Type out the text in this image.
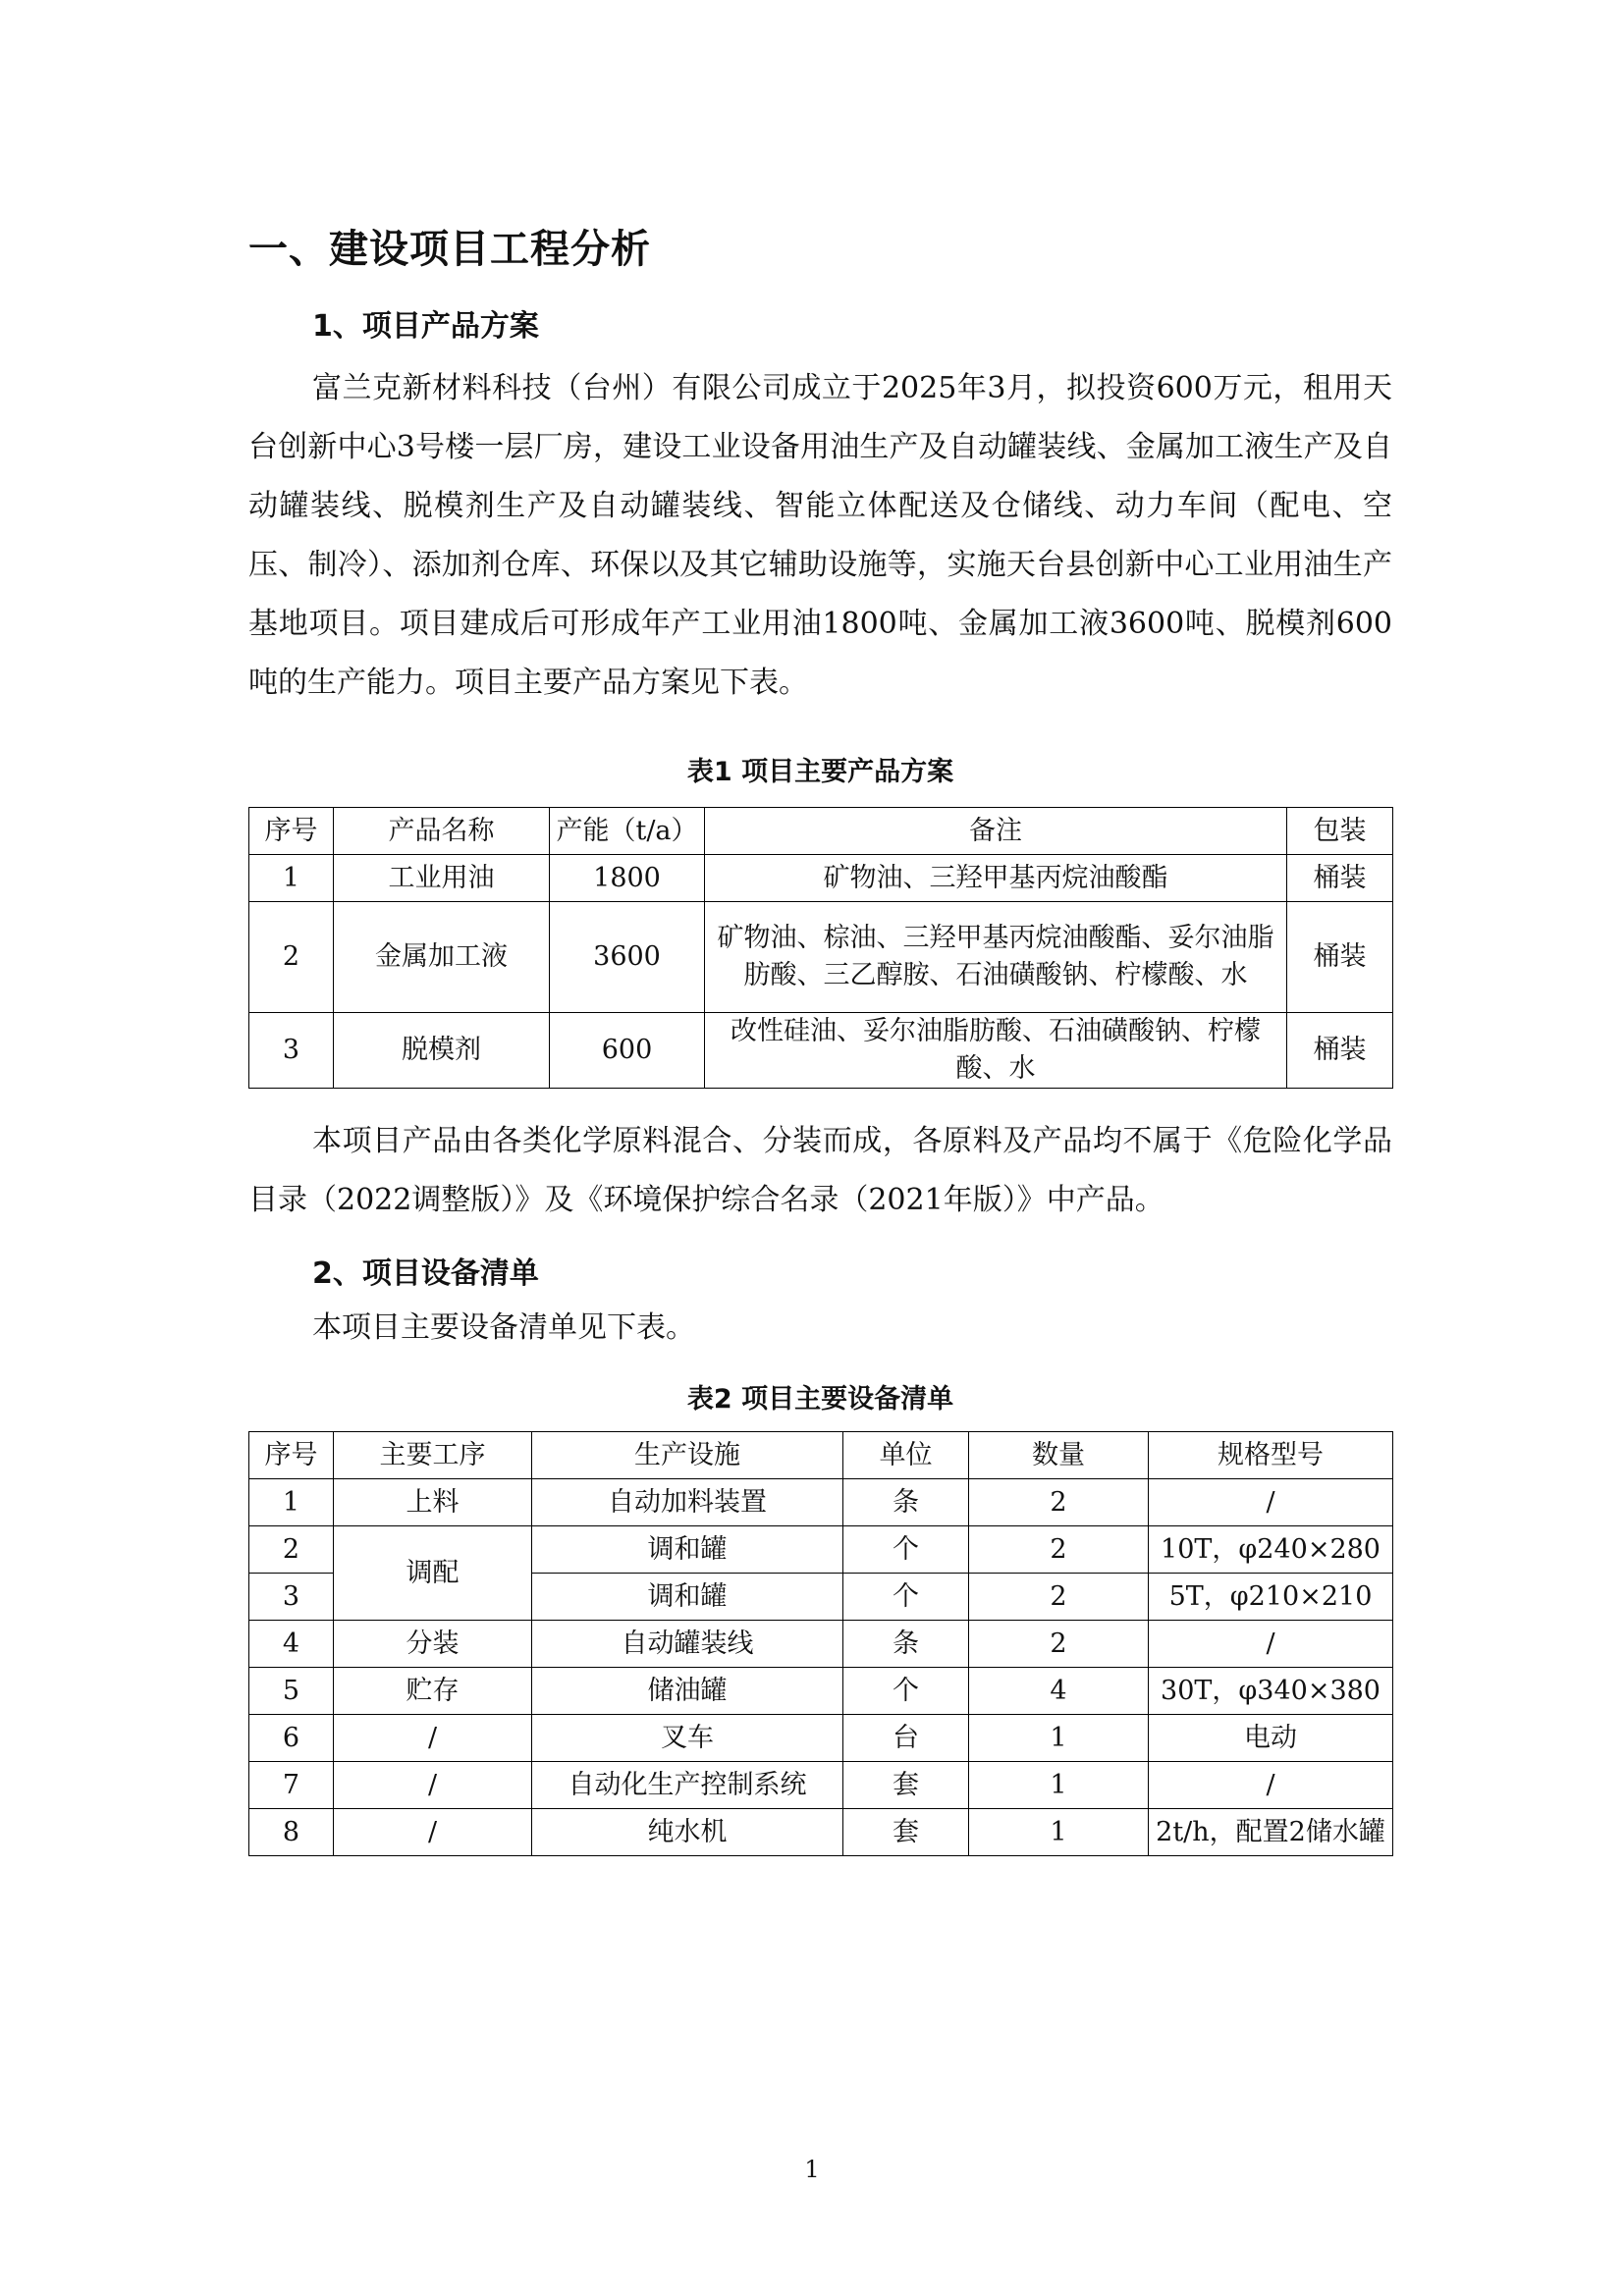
一、建设项目工程分析
1、项目产品方案

富兰克新材料科技（台州）有限公司成立于2025年3月，拟投资600万元，租用天台创新中心3号楼一层厂房，建设工业设备用油生产及自动罐装线、金属加工液生产及自动罐装线、脱模剂生产及自动罐装线、智能立体配送及仓储线、动力车间（配电、空压、制冷）、添加剂仓库、环保以及其它辅助设施等，实施天台县创新中心工业用油生产基地项目。项目建成后可形成年产工业用油1800吨、金属加工液3600吨、脱模剂600吨的生产能力。项目主要产品方案见下表。

表1 项目主要产品方案
序号	产品名称	产能（t/a）	备注	包装
1	工业用油	1800	矿物油、三羟甲基丙烷油酸酯	桶装
2	金属加工液	3600	矿物油、棕油、三羟甲基丙烷油酸酯、妥尔油脂肪酸、三乙醇胺、石油磺酸钠、柠檬酸、水	桶装
3	脱模剂	600	改性硅油、妥尔油脂肪酸、石油磺酸钠、柠檬酸、水	桶装

本项目产品由各类化学原料混合、分装而成，各原料及产品均不属于《危险化学品目录（2022调整版）》及《环境保护综合名录（2021年版）》中产品。

2、项目设备清单

本项目主要设备清单见下表。

表2 项目主要设备清单
序号	主要工序	生产设施	单位	数量	规格型号
1	上料	自动加料装置	条	2	/
2	调配	调和罐	个	2	10T，φ240×280
3		调和罐	个	2	5T，φ210×210
4	分装	自动罐装线	条	2	/
5	贮存	储油罐	个	4	30T，φ340×380
6	/	叉车	台	1	电动
7	/	自动化生产控制系统	套	1	/
8	/	纯水机	套	1	2t/h，配置2储水罐
1
